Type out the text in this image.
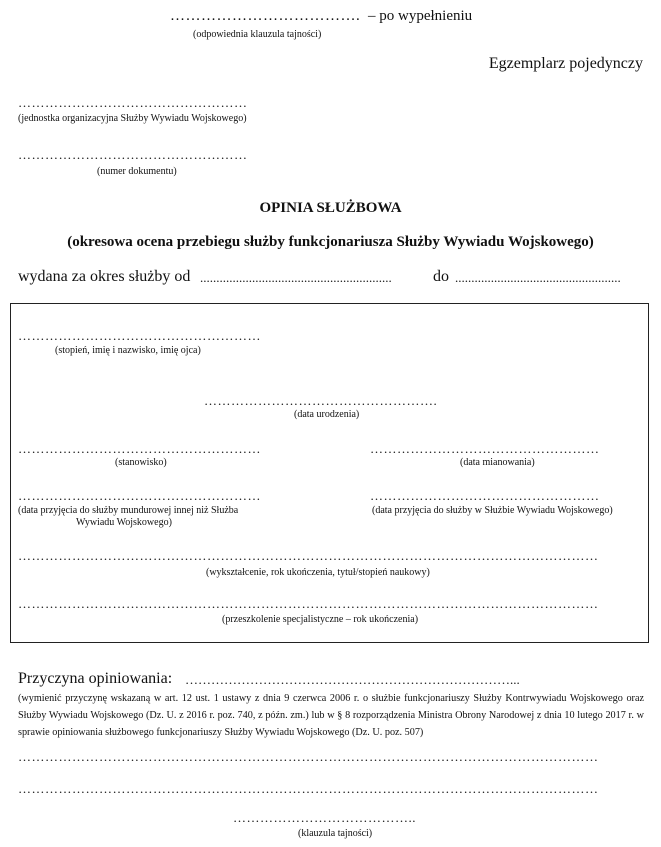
………………………………. – po wypełnieniu
(odpowiednia klauzula tajności)
Egzemplarz pojedynczy
……………………………………………
(jednostka organizacyjna Służby Wywiadu Wojskowego)
……………………………………………
(numer dokumentu)
OPINIA SŁUŻBOWA
(okresowa ocena przebiegu służby funkcjonariusza Służby Wywiadu Wojskowego)
wydana za okres służby od ...........................................................	do ...................................................
………………………………………………
(stopień, imię i nazwisko, imię ojca)
…………………………………………….
(data urodzenia)
………………………………………………
(stanowisko)
……………………………………………
(data mianowania)
………………………………………………
(data przyjęcia do służby mundurowej innej niż Służba
Wywiadu Wojskowego)
……………………………………………
(data przyjęcia do służby w Służbie Wywiadu Wojskowego)
…………………………………………………………………………………………………………………
(wykształcenie, rok ukończenia, tytuł/stopień naukowy)
…………………………………………………………………………………………………………………
(przeszkolenie specjalistyczne – rok ukończenia)
Przyczyna opiniowania: …………………………………………………………………...
(wymienić przyczynę wskazaną w art. 12 ust. 1 ustawy z dnia 9 czerwca 2006 r. o służbie funkcjonariuszy Służby Kontrwywiadu Wojskowego oraz Służby Wywiadu Wojskowego (Dz. U. z 2016 r. poz. 740, z późn. zm.) lub w § 8 rozporządzenia Ministra Obrony Narodowej z dnia 10 lutego 2017 r. w sprawie opiniowania służbowego funkcjonariuszy Służby Wywiadu Wojskowego (Dz. U. poz. 507)
…………………………………………………………………………………………………………………
…………………………………………………………………………………………………………………
…………………………………..
(klauzula tajności)
